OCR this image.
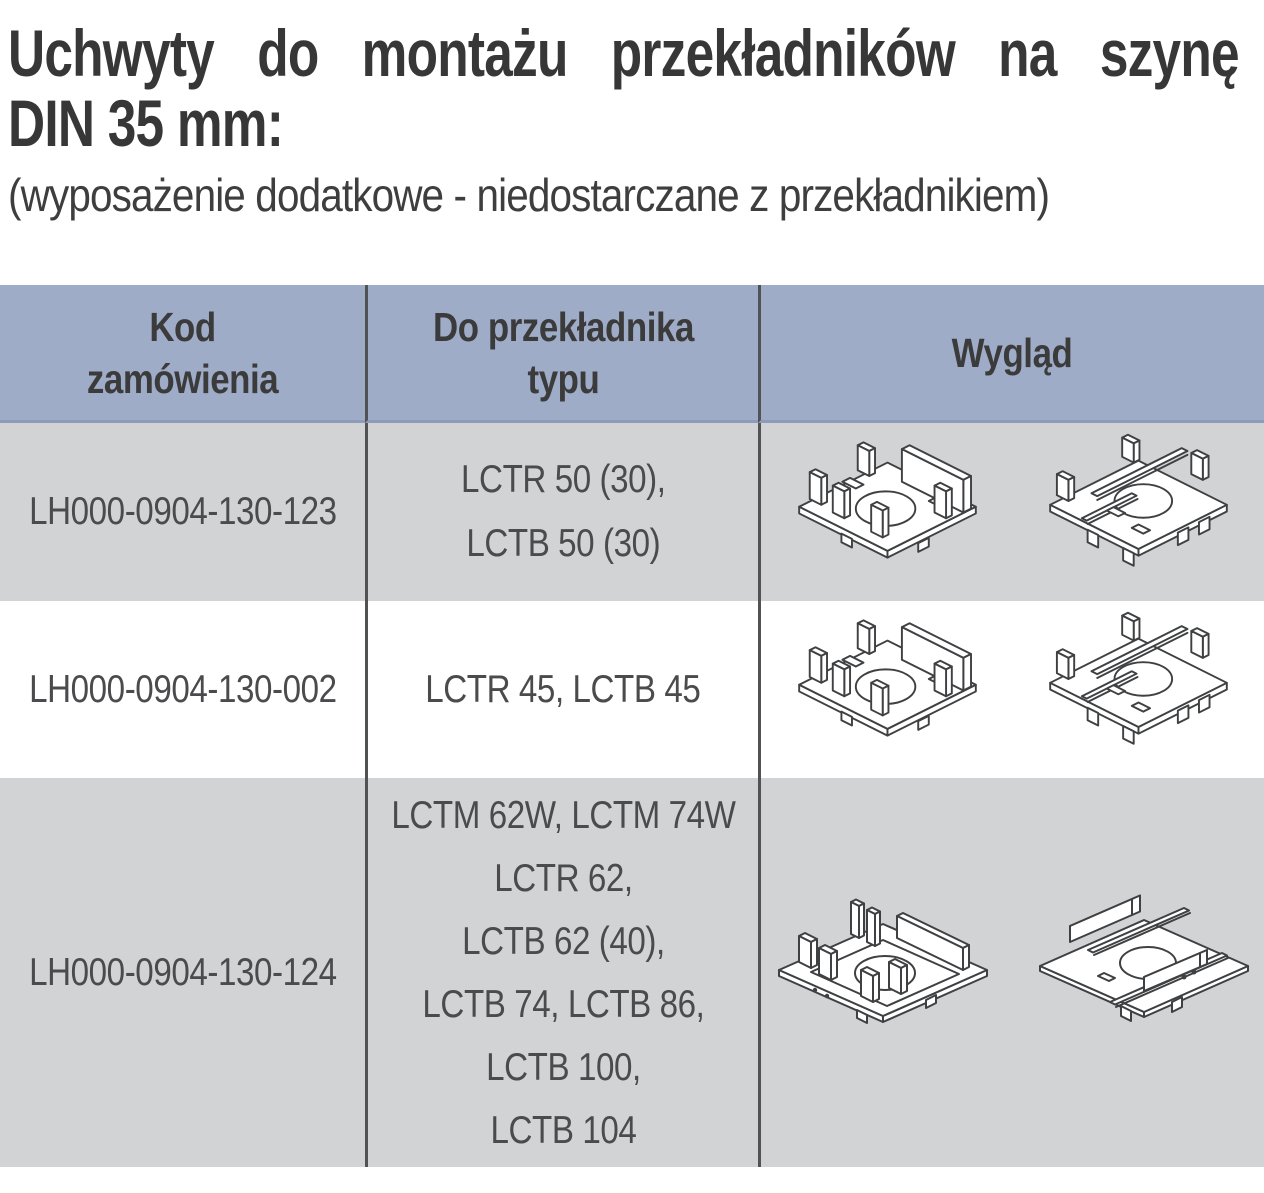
Uchwyty do montażu przekładników na szynę
DIN 35 mm:
(wyposażenie dodatkowe - niedostarczane z przekładnikiem)
Kod
zamówienia
Do przekładnika
typu
Wygląd
LH000-0904-130-123
LCTR 50 (30),
LCTB 50 (30)
LH000-0904-130-002 LCTR 45, LCTB 45
LH000-0904-130-124
LCTM 62W, LCTM 74W
LCTR 62,
LCTB 62 (40),
LCTB 74, LCTB 86,
LCTB 100,
LCTB 104
